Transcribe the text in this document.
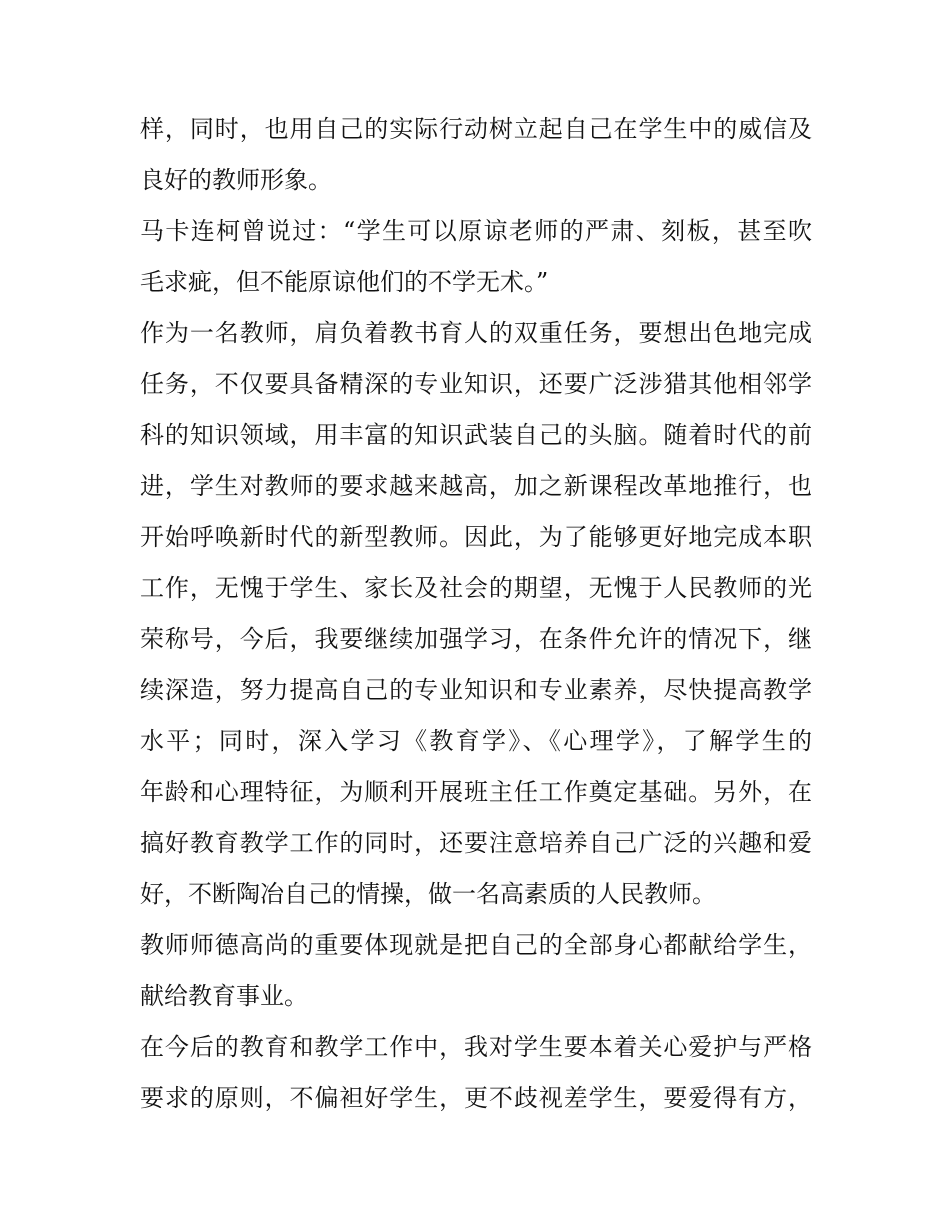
样，同时，也用自己的实际行动树立起自己在学生中的威信及
良好的教师形象。
马卡连柯曾说过：“学生可以原谅老师的严肃、刻板，甚至吹
毛求疵，但不能原谅他们的不学无术。”
作为一名教师，肩负着教书育人的双重任务，要想出色地完成
任务，不仅要具备精深的专业知识，还要广泛涉猎其他相邻学
科的知识领域，用丰富的知识武装自己的头脑。随着时代的前
进，学生对教师的要求越来越高，加之新课程改革地推行，也
开始呼唤新时代的新型教师。因此，为了能够更好地完成本职
工作，无愧于学生、家长及社会的期望，无愧于人民教师的光
荣称号，今后，我要继续加强学习，在条件允许的情况下，继
续深造，努力提高自己的专业知识和专业素养，尽快提高教学
水平；同时，深入学习《教育学》、《心理学》，了解学生的
年龄和心理特征，为顺利开展班主任工作奠定基础。另外，在
搞好教育教学工作的同时，还要注意培养自己广泛的兴趣和爱
好，不断陶冶自己的情操，做一名高素质的人民教师。
教师师德高尚的重要体现就是把自己的全部身心都献给学生，
献给教育事业。
在今后的教育和教学工作中，我对学生要本着关心爱护与严格
要求的原则，不偏袒好学生，更不歧视差学生，要爱得有方，
